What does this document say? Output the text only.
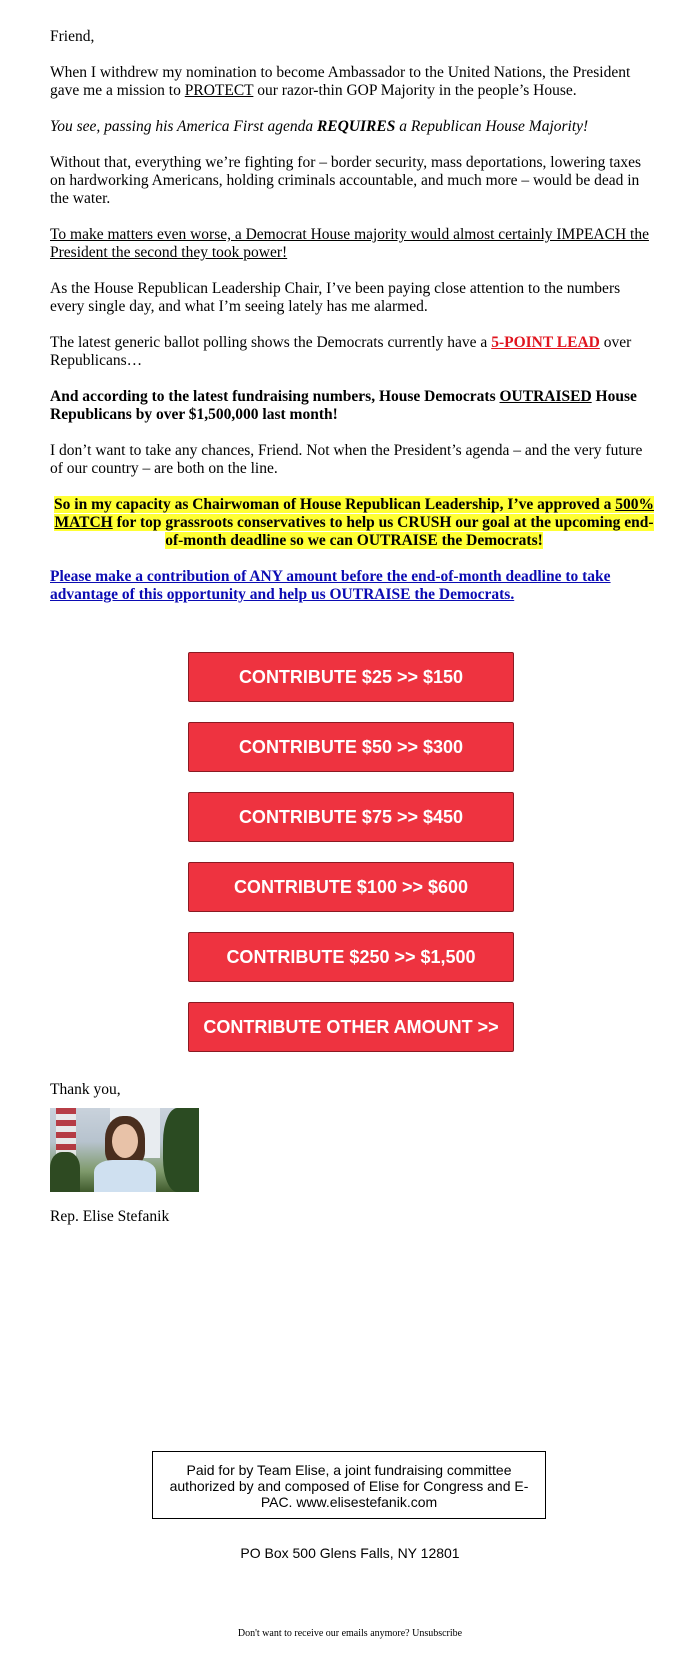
Friend,

When I withdrew my nomination to become Ambassador to the United Nations, the President gave me a mission to PROTECT our razor-thin GOP Majority in the people’s House.

You see, passing his America First agenda REQUIRES a Republican House Majority!

Without that, everything we’re fighting for – border security, mass deportations, lowering taxes on hardworking Americans, holding criminals accountable, and much more – would be dead in the water.

To make matters even worse, a Democrat House majority would almost certainly IMPEACH the President the second they took power!

As the House Republican Leadership Chair, I’ve been paying close attention to the numbers every single day, and what I’m seeing lately has me alarmed.

The latest generic ballot polling shows the Democrats currently have a 5-POINT LEAD over Republicans…

And according to the latest fundraising numbers, House Democrats OUTRAISED House Republicans by over $1,500,000 last month!

I don’t want to take any chances, Friend. Not when the President’s agenda – and the very future of our country – are both on the line.

So in my capacity as Chairwoman of House Republican Leadership, I’ve approved a 500% MATCH for top grassroots conservatives to help us CRUSH our goal at the upcoming end-of-month deadline so we can OUTRAISE the Democrats!

Please make a contribution of ANY amount before the end-of-month deadline to take advantage of this opportunity and help us OUTRAISE the Democrats.

CONTRIBUTE $25 >> $150
CONTRIBUTE $50 >> $300
CONTRIBUTE $75 >> $450
CONTRIBUTE $100 >> $600
CONTRIBUTE $250 >> $1,500
CONTRIBUTE OTHER AMOUNT >>
Thank you,
Rep. Elise Stefanik
Paid for by Team Elise, a joint fundraising committee authorized by and composed of Elise for Congress and E-PAC. www.elisestefanik.com
PO Box 500 Glens Falls, NY 12801
Don't want to receive our emails anymore? Unsubscribe
